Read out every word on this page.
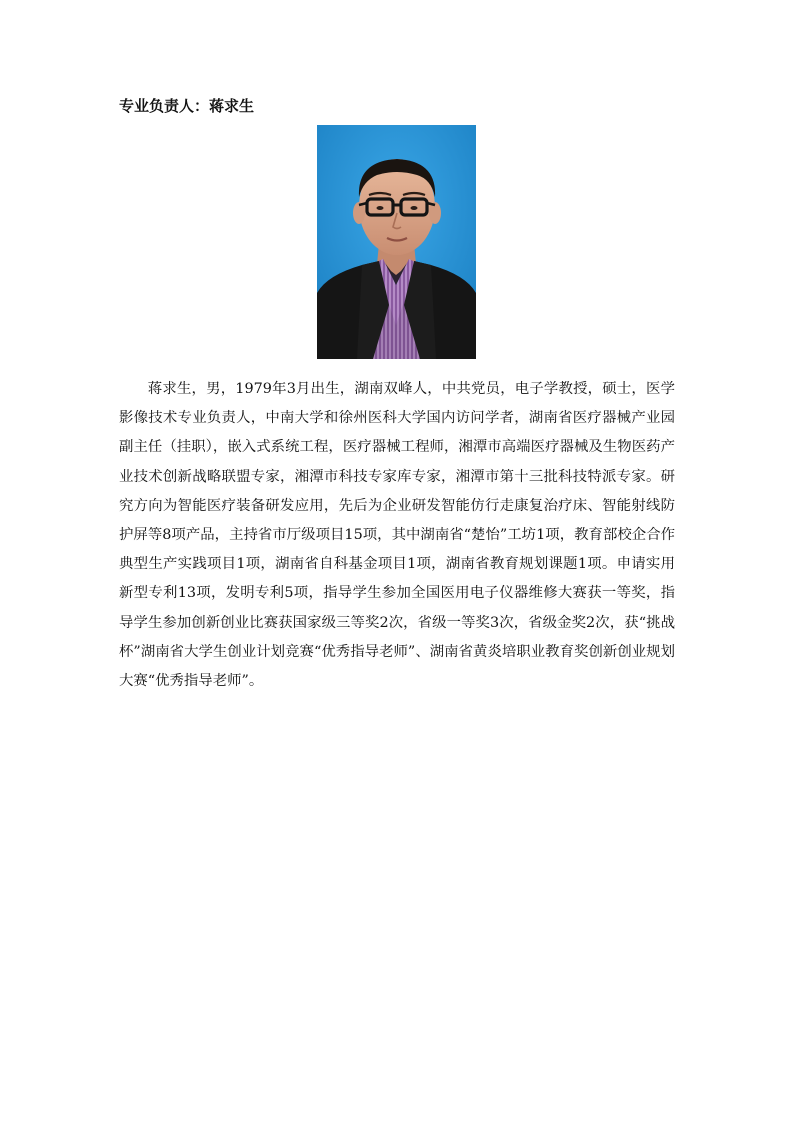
专业负责人：蒋求生

蒋求生，男，1979年3月出生，湖南双峰人，中共党员，电子学教授，硕士，医学影像技术专业负责人，中南大学和徐州医科大学国内访问学者，湖南省医疗器械产业园副主任（挂职），嵌入式系统工程，医疗器械工程师，湘潭市高端医疗器械及生物医药产业技术创新战略联盟专家，湘潭市科技专家库专家，湘潭市第十三批科技特派专家。研究方向为智能医疗装备研发应用，先后为企业研发智能仿行走康复治疗床、智能射线防护屏等8项产品，主持省市厅级项目15项，其中湖南省“楚怡”工坊1项，教育部校企合作典型生产实践项目1项，湖南省自科基金项目1项，湖南省教育规划课题1项。申请实用新型专利13项，发明专利5项，指导学生参加全国医用电子仪器维修大赛获一等奖，指导学生参加创新创业比赛获国家级三等奖2次，省级一等奖3次，省级金奖2次，获“挑战杯”湖南省大学生创业计划竞赛“优秀指导老师”、湖南省黄炎培职业教育奖创新创业规划大赛“优秀指导老师”。
